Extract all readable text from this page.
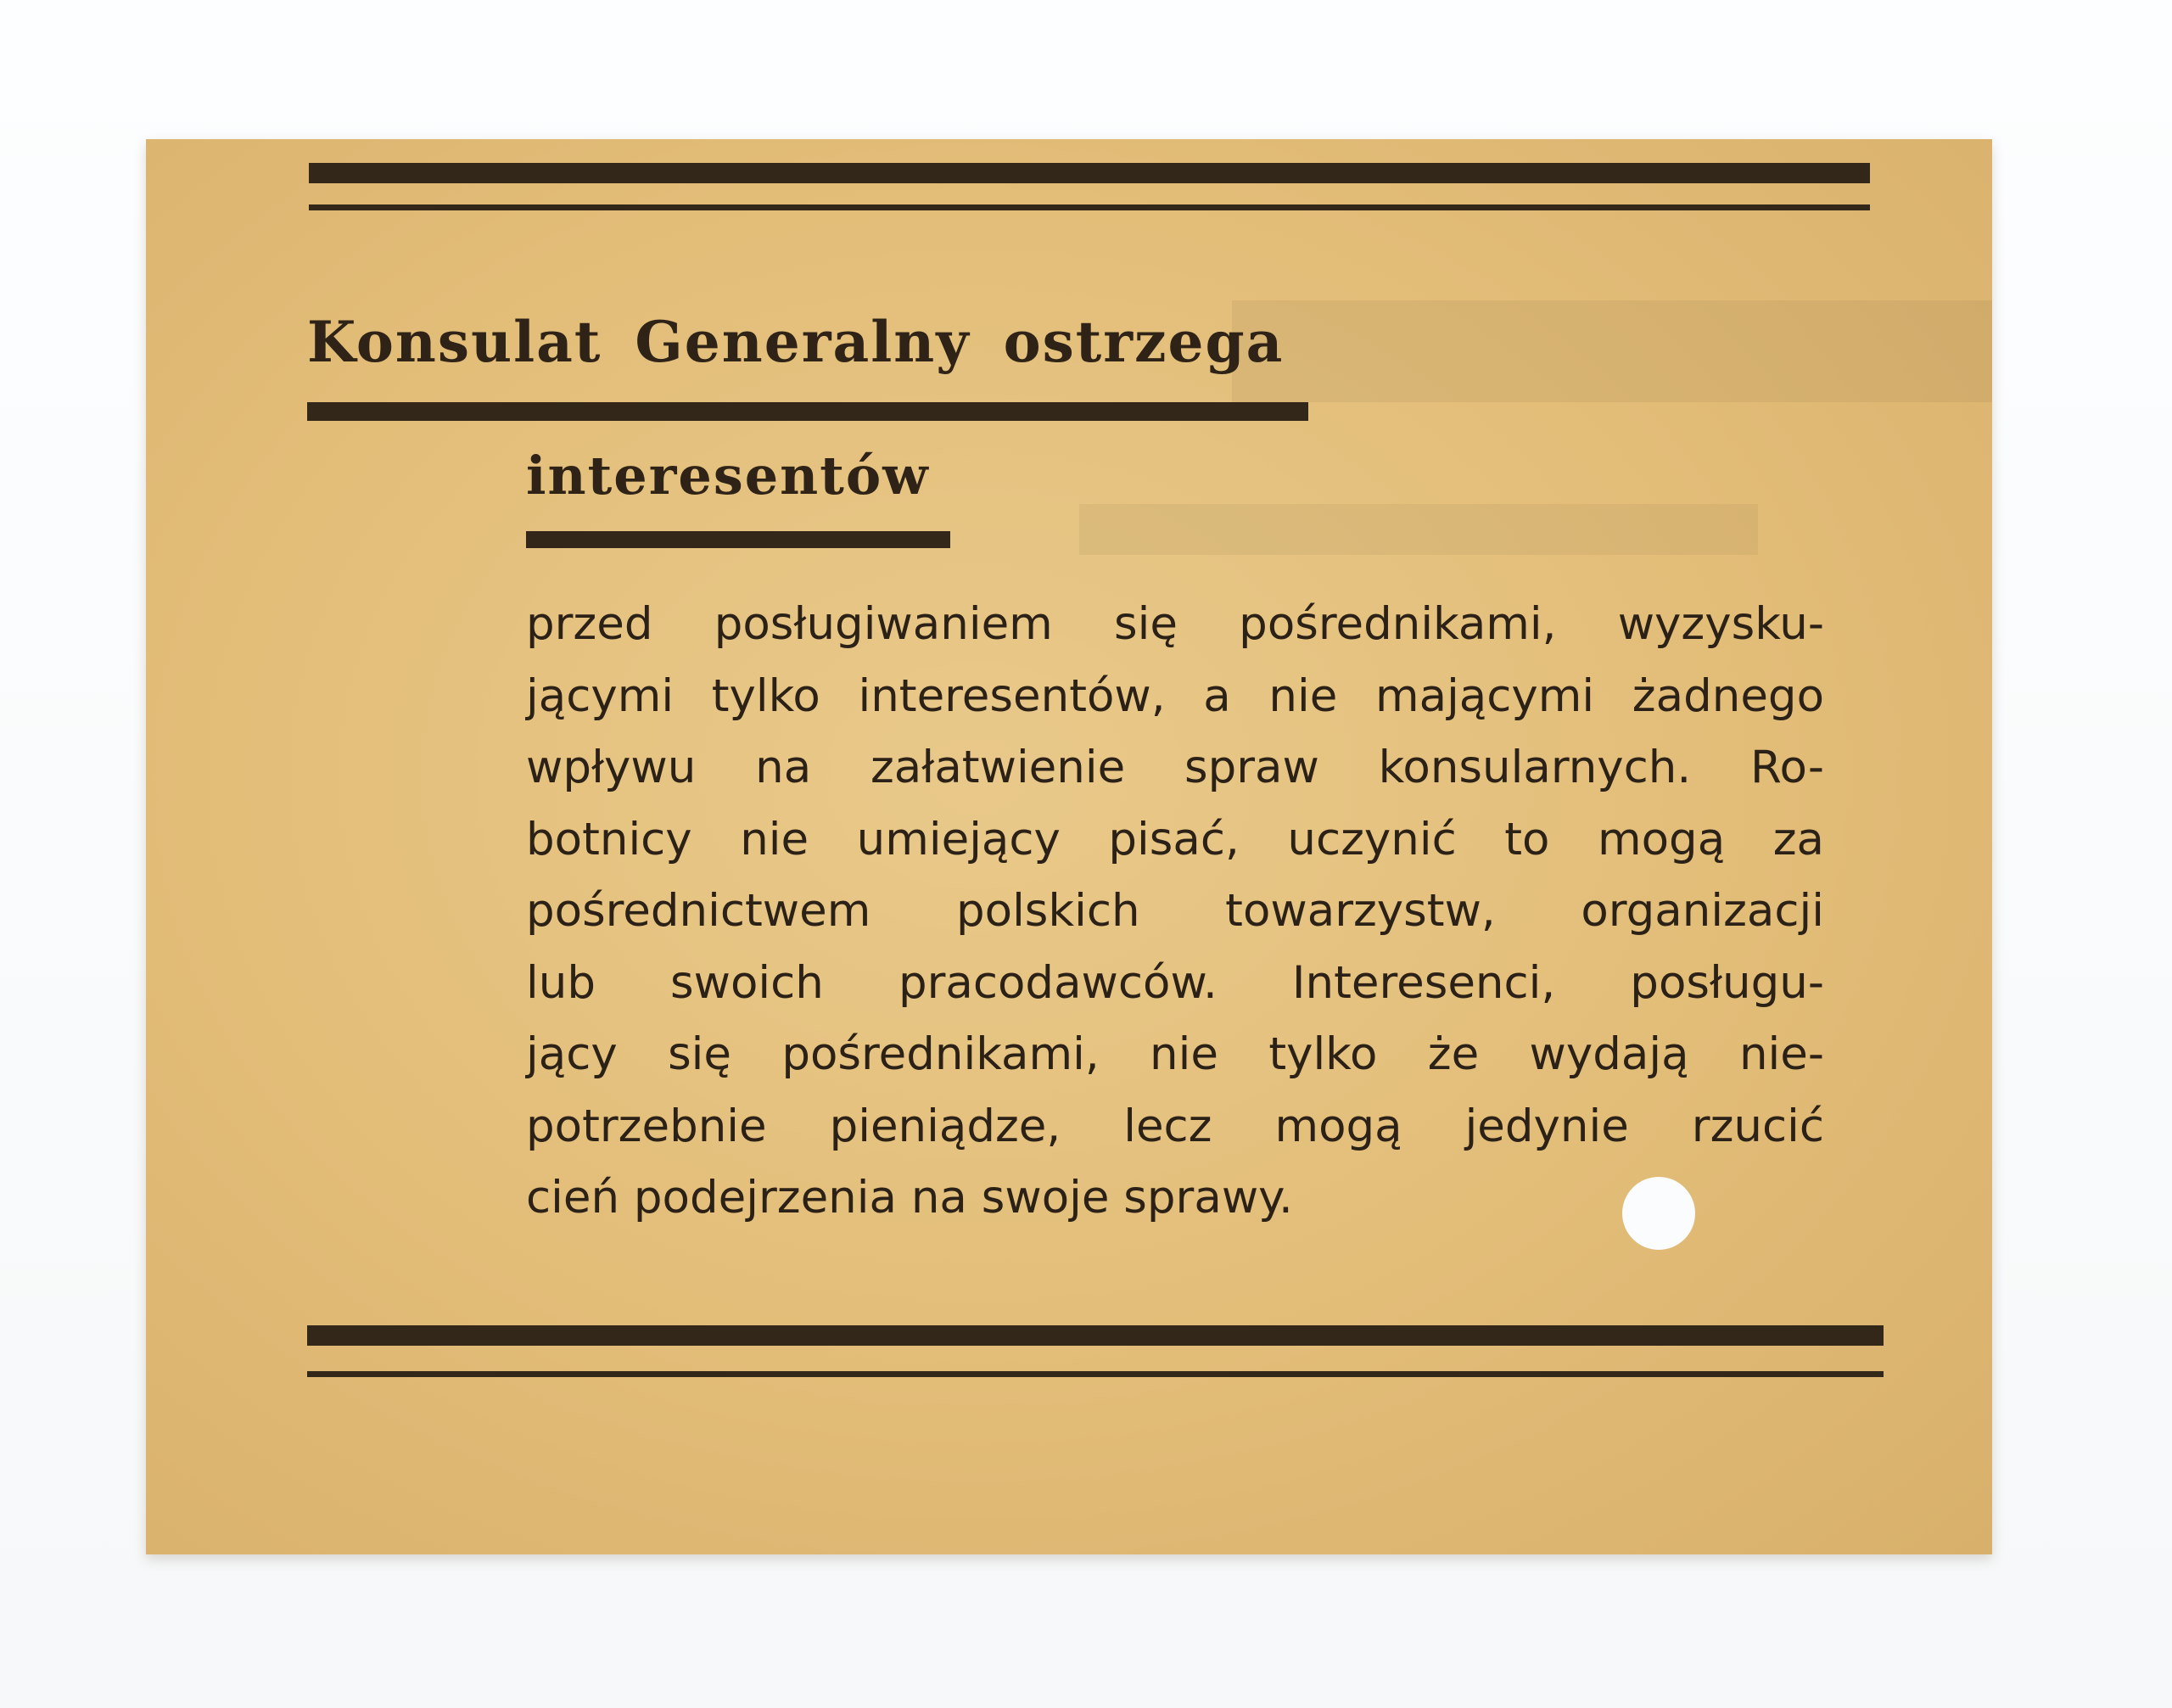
Konsulat Generalny ostrzega
interesentów
przed posługiwaniem się pośrednikami, wyzysku-
jącymi tylko interesentów, a nie mającymi żadnego
wpływu na załatwienie spraw konsularnych. Ro-
botnicy nie umiejący pisać, uczynić to mogą za
pośrednictwem polskich towarzystw, organizacji
lub swoich pracodawców. Interesenci, posługu-
jący się pośrednikami, nie tylko że wydają nie-
potrzebnie pieniądze, lecz mogą jedynie rzucić
cień podejrzenia na swoje sprawy.
